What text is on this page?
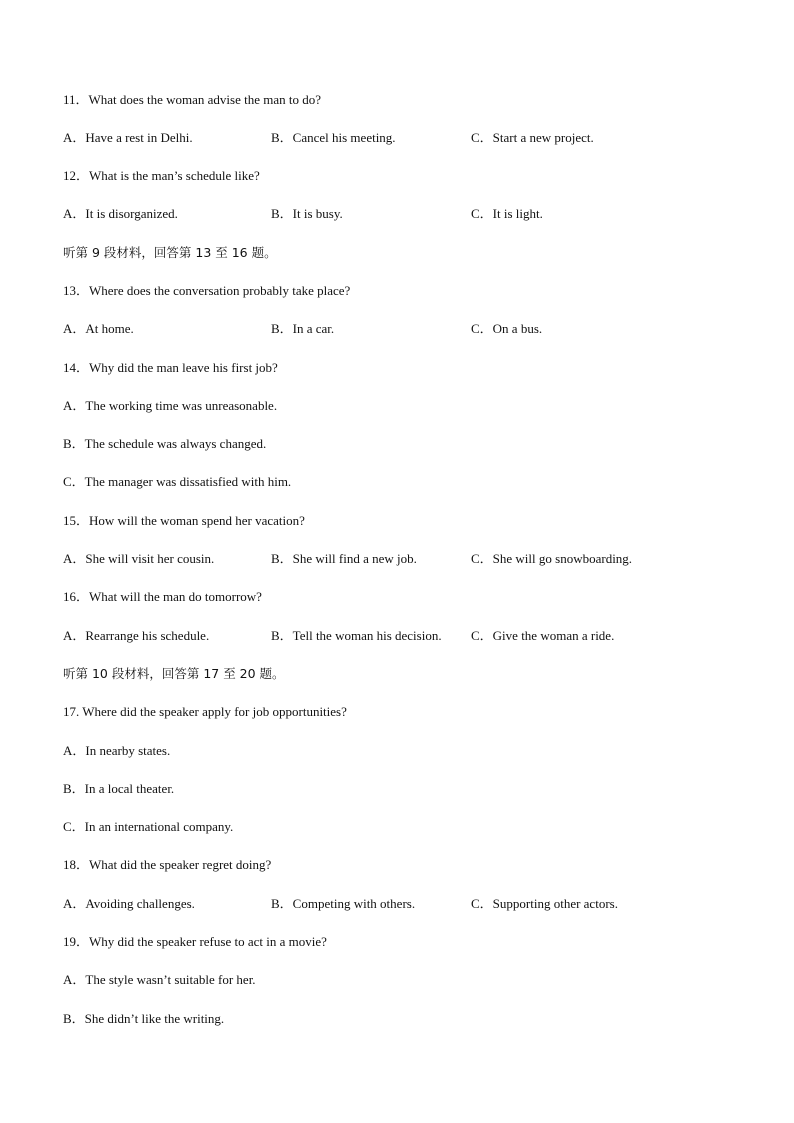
11．What does the woman advise the man to do?
A．Have a rest in Delhi.	B．Cancel his meeting.	C．Start a new project.
12．What is the man’s schedule like?
A．It is disorganized.	B．It is busy.	C．It is light.
听第 9 段材料，回答第 13 至 16 题。
13．Where does the conversation probably take place?
A．At home.	B．In a car.	C．On a bus.
14．Why did the man leave his first job?
A．The working time was unreasonable.
B．The schedule was always changed.
C．The manager was dissatisfied with him.
15．How will the woman spend her vacation?
A．She will visit her cousin.	B．She will find a new job.	C．She will go snowboarding.
16．What will the man do tomorrow?
A．Rearrange his schedule.	B．Tell the woman his decision. C．Give the woman a ride.
听第 10 段材料，回答第 17 至 20 题。
17. Where did the speaker apply for job opportunities?
A．In nearby states.
B．In a local theater.
C．In an international company.
18．What did the speaker regret doing?
A．Avoiding challenges.	B．Competing with others.	C．Supporting other actors.
19．Why did the speaker refuse to act in a movie?
A．The style wasn’t suitable for her.
B．She didn’t like the writing.
